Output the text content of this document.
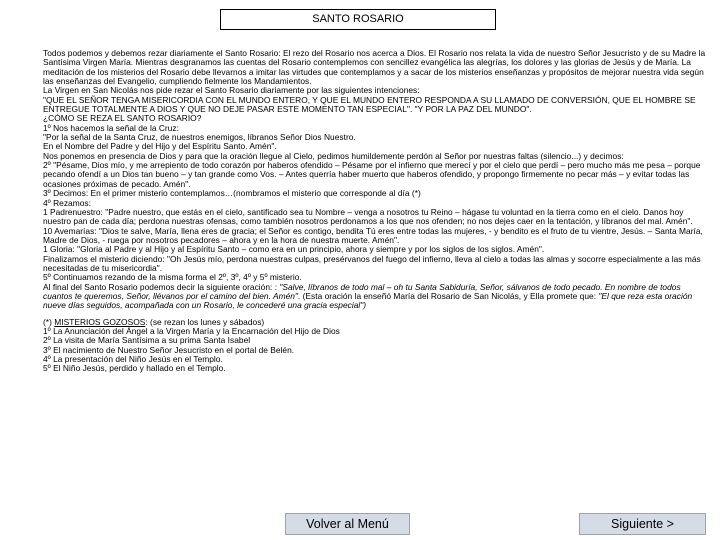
SANTO ROSARIO

Todos podemos y debemos rezar diariamente el Santo Rosario: El rezo del Rosario nos acerca a Dios. El Rosario nos relata la vida de nuestro Señor Jesucristo y de su Madre la Santísima Virgen María. Mientras desgranamos las cuentas del Rosario contemplemos con sencillez evangélica las alegrías, los dolores y las glorias de Jesús y de María. La meditación de los misterios del Rosario debe llevarnos a imitar las virtudes que contemplamos y a sacar de los misterios enseñanzas y propósitos de mejorar nuestra vida según las enseñanzas del Evangelio, cumpliendo fielmente los Mandamientos.

La Virgen en San Nicolás nos pide rezar el Santo Rosario diariamente por las siguientes intenciones:

"QUE EL SEÑOR TENGA MISERICORDIA CON EL MUNDO ENTERO, Y QUE EL MUNDO ENTERO RESPONDA A SU LLAMADO DE CONVERSIÓN, QUE EL HOMBRE SE ENTREGUE TOTALMENTE A DIOS Y QUE NO DEJE PASAR ESTE MOMENTO TAN ESPECIAL". "Y POR LA PAZ DEL MUNDO".

¿CÓMO SE REZA EL SANTO ROSARIO?

1º Nos hacemos la señal de la Cruz:

"Por la señal de la Santa Cruz, de nuestros enemigos, líbranos Señor Dios Nuestro.

En el Nombre del Padre y del Hijo y del Espíritu Santo. Amén".

Nos ponemos en presencia de Dios y para que la oración llegue al Cielo, pedimos humildemente perdón al Señor por nuestras faltas (silencio...) y decimos:

2º "Pésame, Dios mío, y me arrepiento de todo corazón por haberos ofendido – Pésame por el infierno que merecí y por el cielo que perdí – pero mucho más me pesa – porque pecando ofendí a un Dios tan bueno – y tan grande como Vos. – Antes querría haber muerto que haberos ofendido, y propongo firmemente no pecar más – y evitar todas las ocasiones próximas de pecado. Amén".

3º Decimos: En el primer misterio contemplamos…(nombramos el misterio que corresponde al día (*)

4º Rezamos:

1 Padrenuestro: "Padre nuestro, que estás en el cielo, santificado sea tu Nombre – venga a nosotros tu Reino – hágase tu voluntad en la tierra como en el cielo. Danos hoy nuestro pan de cada día; perdona nuestras ofensas, como también nosotros perdonamos a los que nos ofenden; no nos dejes caer en la tentación, y líbranos del mal. Amén".

10 Avemarías: "Dios te salve, María, llena eres de gracia; el Señor es contigo, bendita Tú eres entre todas las mujeres, - y bendito es el fruto de tu vientre, Jesús. – Santa María, Madre de Dios, - ruega por nosotros pecadores – ahora y en la hora de nuestra muerte. Amén".

1 Gloria: "Gloria al Padre y al Hijo y al Espíritu Santo – como era en un principio, ahora y siempre y por los siglos de los siglos. Amén".

Finalizamos el misterio diciendo: "Oh Jesús mío, perdona nuestras culpas, presérvanos del fuego del infierno, lleva al cielo a todas las almas y socorre especialmente a las más necesitadas de tu misericordia".

5º Continuamos rezando de la misma forma el 2º, 3º, 4º y 5º misterio.

Al final del Santo Rosario podemos decir la siguiente oración: : "Salve, líbranos de todo mal – oh tu Santa Sabiduría, Señor, sálvanos de todo pecado. En nombre de todos cuantos te queremos, Señor, llévanos por el camino del bien. Amén". (Esta oración la enseñó María del Rosario de San Nicolás, y Ella promete que: "El que reza esta oración nueve días seguidos, acompañada con un Rosario, le concederé una gracia especial")

(*) MISTERIOS GOZOSOS: (se rezan los lunes y sábados)

1º La Anunciación del Ángel a la Virgen María y la Encarnación del Hijo de Dios

2º La visita de María Santísima a su prima Santa Isabel

3º El nacimiento de Nuestro Señor Jesucristo en el portal de Belén.

4º La presentación del Niño Jesús en el Templo.

5º El Niño Jesús, perdido y hallado en el Templo.

Volver al Menú	Siguiente >
